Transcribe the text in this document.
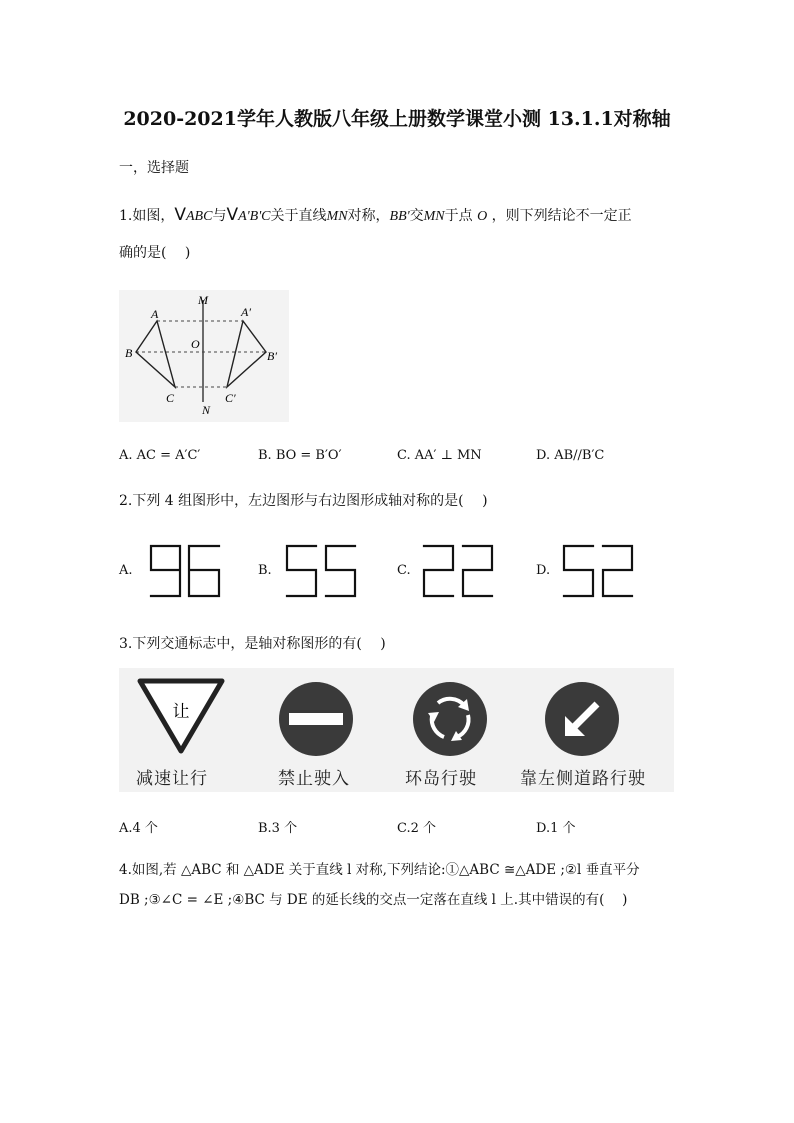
2020-2021学年人教版八年级上册数学课堂小测 13.1.1对称轴
一，选择题
1.如图，VABC与VA'B'C关于直线MN对称，BB'交MN于点 O ，则下列结论不一定正
确的是(　 )
A
B
C
A′
B′
C′
M
N
O
A. AC = A′C′	B. BO = B′O′	C. AA′ ⊥ MN	D. AB//B′C
2.下列 4 组图形中，左边图形与右边图形成轴对称的是(　 )
A.	B.	C.	D.
3.下列交通标志中，是轴对称图形的有(　 )
让
减速让行	禁止驶入	环岛行驶	靠左侧道路行驶
A.4 个	B.3 个	C.2 个	D.1 个
4.如图,若 △ABC 和 △ADE 关于直线 l 对称,下列结论:①△ABC ≅△ADE ;②l 垂直平分
DB ;③∠C = ∠E ;④BC 与 DE 的延长线的交点一定落在直线 l 上.其中错误的有(　 )
